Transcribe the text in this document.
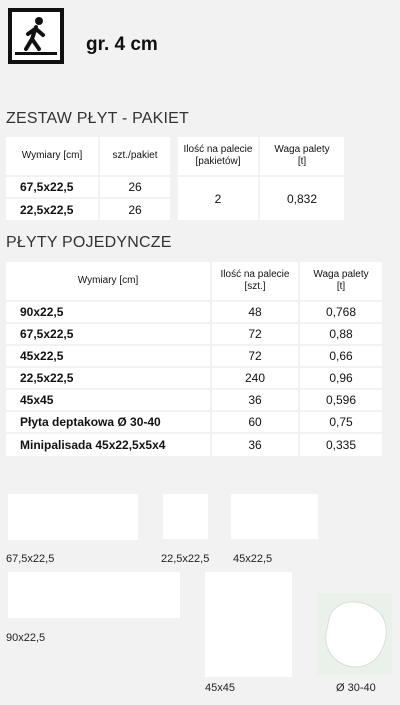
gr. 4 cm
ZESTAW PŁYT - PAKIET
Wymiary [cm]	szt./pakiet
Ilość na palecie
[pakietów]
Waga palety
[t]
67,5x22,5	26
22,5x22,5	26
2	0,832
PŁYTY POJEDYNCZE
Wymiary [cm]
Ilość na palecie
[szt.]
Waga palety
[t]
90x22,5	48	0,768
67,5x22,5	72	0,88
45x22,5	72	0,66
22,5x22,5	240	0,96
45x45	36	0,596
Płyta deptakowa Ø 30-40	60	0,75
Minipalisada 45x22,5x5x4	36	0,335
67,5x22,5	22,5x22,5 45x22,5
90x22,5
45x45	Ø 30-40
